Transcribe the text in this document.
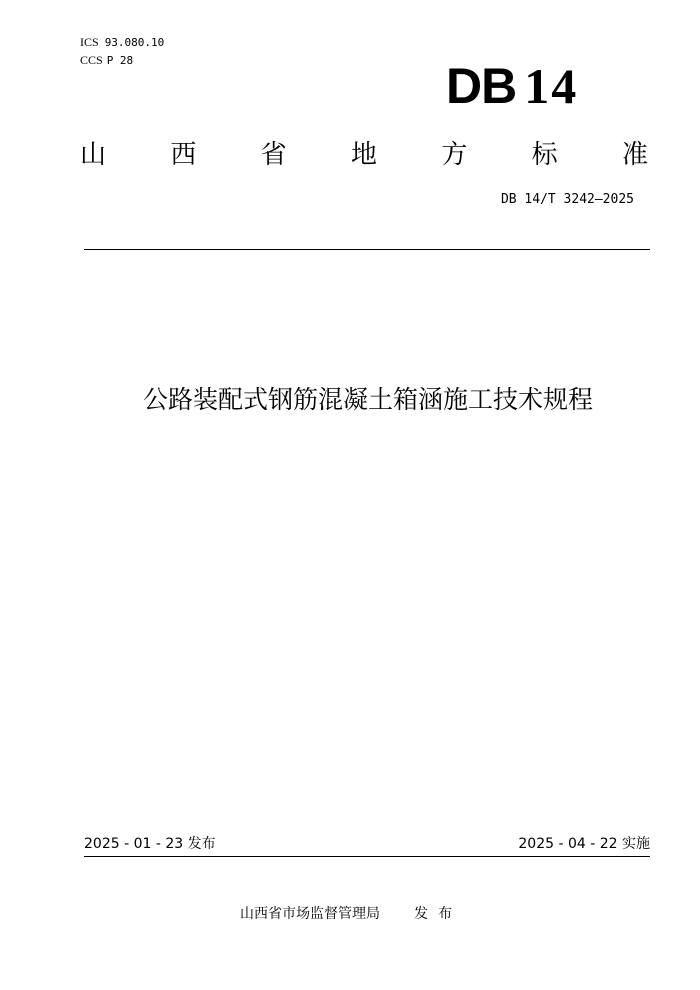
ICS 93.080.10
CCS P 28	DB 14
山 西 省 地 方 标 准
DB 14/T 3242—2025
公路装配式钢筋混凝土箱涵施工技术规程
2025 - 01 - 23 发布	2025 - 04 - 22 实施
山西省市场监督管理局 发布
